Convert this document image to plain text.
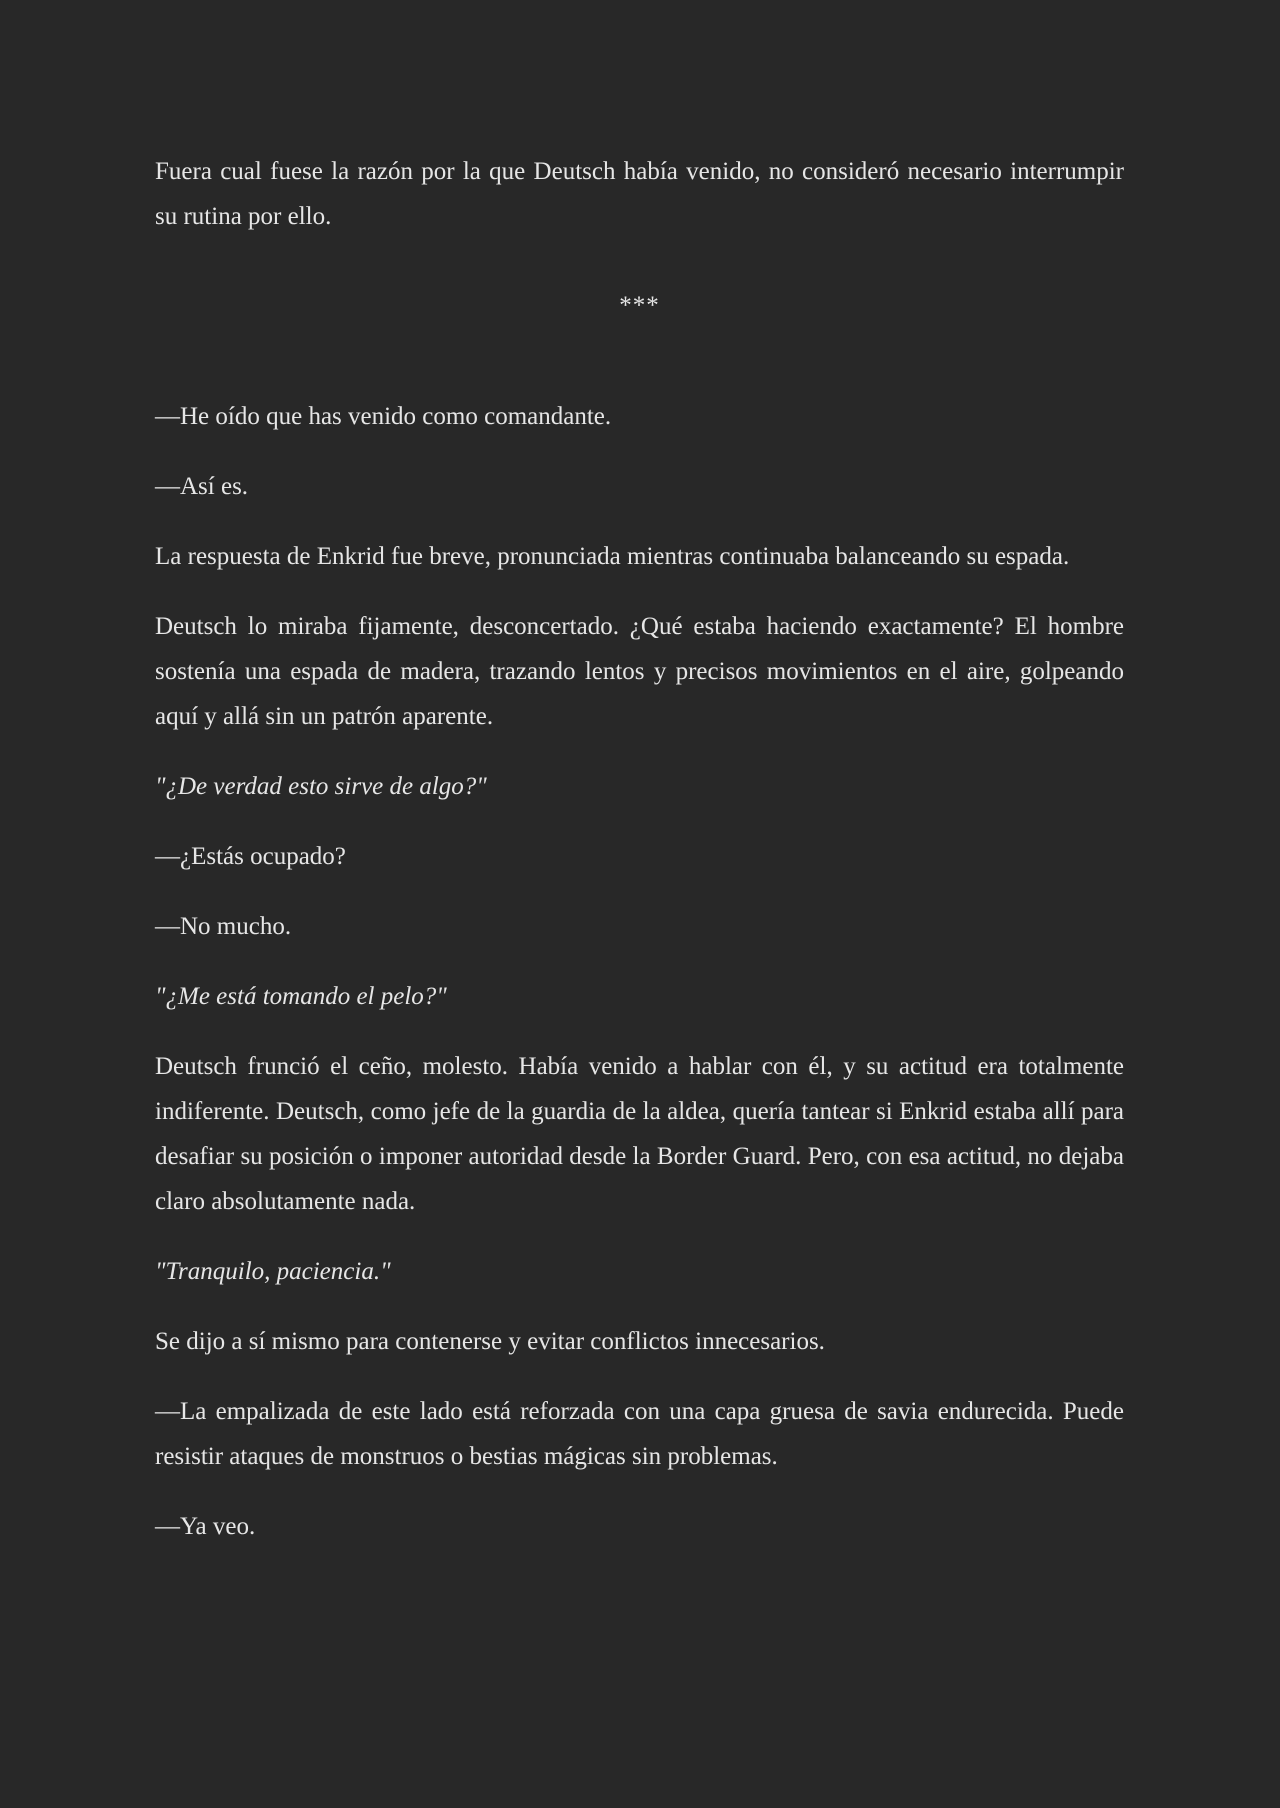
Fuera cual fuese la razón por la que Deutsch había venido, no consideró necesario interrumpir su rutina por ello.

***

—He oído que has venido como comandante.

—Así es.

La respuesta de Enkrid fue breve, pronunciada mientras continuaba balanceando su espada.

Deutsch lo miraba fijamente, desconcertado. ¿Qué estaba haciendo exactamente? El hombre sostenía una espada de madera, trazando lentos y precisos movimientos en el aire, golpeando aquí y allá sin un patrón aparente.

"¿De verdad esto sirve de algo?"

—¿Estás ocupado?

—No mucho.

"¿Me está tomando el pelo?"

Deutsch frunció el ceño, molesto. Había venido a hablar con él, y su actitud era totalmente indiferente. Deutsch, como jefe de la guardia de la aldea, quería tantear si Enkrid estaba allí para desafiar su posición o imponer autoridad desde la Border Guard. Pero, con esa actitud, no dejaba claro absolutamente nada.

"Tranquilo, paciencia."

Se dijo a sí mismo para contenerse y evitar conflictos innecesarios.

—La empalizada de este lado está reforzada con una capa gruesa de savia endurecida. Puede resistir ataques de monstruos o bestias mágicas sin problemas.

—Ya veo.
